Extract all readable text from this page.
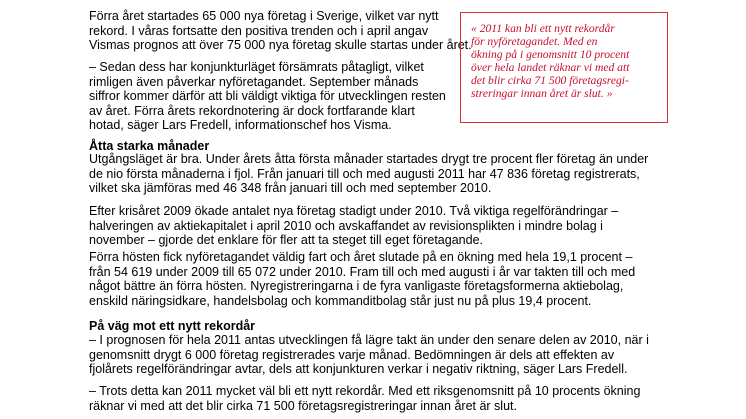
Förra året startades 65 000 nya företag i Sverige, vilket var nytt
rekord. I våras fortsatte den positiva trenden och i april angav
Vismas prognos att över 75 000 nya företag skulle startas under året.
– Sedan dess har konjunkturläget försämrats påtagligt, vilket
rimligen även påverkar nyföretagandet. September månads
siffror kommer därför att bli väldigt viktiga för utvecklingen resten
av året. Förra årets rekordnotering är dock fortfarande klart
hotad, säger Lars Fredell, informationschef hos Visma.
« 2011 kan bli ett nytt rekordår
för nyföretagandet. Med en
ökning på i genomsnitt 10 procent
över hela landet räknar vi med att
det blir cirka 71 500 företagsregi-
streringar innan året är slut. »
Åtta starka månader
Utgångsläget är bra. Under årets åtta första månader startades drygt tre procent fler företag än under
de nio första månaderna i fjol. Från januari till och med augusti 2011 har 47 836 företag registrerats,
vilket ska jämföras med 46 348 från januari till och med september 2010.
Efter krisåret 2009 ökade antalet nya företag stadigt under 2010. Två viktiga regelförändringar –
halveringen av aktiekapitalet i april 2010 och avskaffandet av revisionsplikten i mindre bolag i
november – gjorde det enklare för fler att ta steget till eget företagande.
Förra hösten fick nyföretagandet väldig fart och året slutade på en ökning med hela 19,1 procent –
från 54 619 under 2009 till 65 072 under 2010. Fram till och med augusti i år var takten till och med
något bättre än förra hösten. Nyregistreringarna i de fyra vanligaste företagsformerna aktiebolag,
enskild näringsidkare, handelsbolag och kommanditbolag står just nu på plus 19,4 procent.
På väg mot ett nytt rekordår
– I prognosen för hela 2011 antas utvecklingen få lägre takt än under den senare delen av 2010, när i
genomsnitt drygt 6 000 företag registrerades varje månad. Bedömningen är dels att effekten av
fjolårets regelförändringar avtar, dels att konjunkturen verkar i negativ riktning, säger Lars Fredell.
– Trots detta kan 2011 mycket väl bli ett nytt rekordår. Med ett riksgenomsnitt på 10 procents ökning
räknar vi med att det blir cirka 71 500 företagsregistreringar innan året är slut.
